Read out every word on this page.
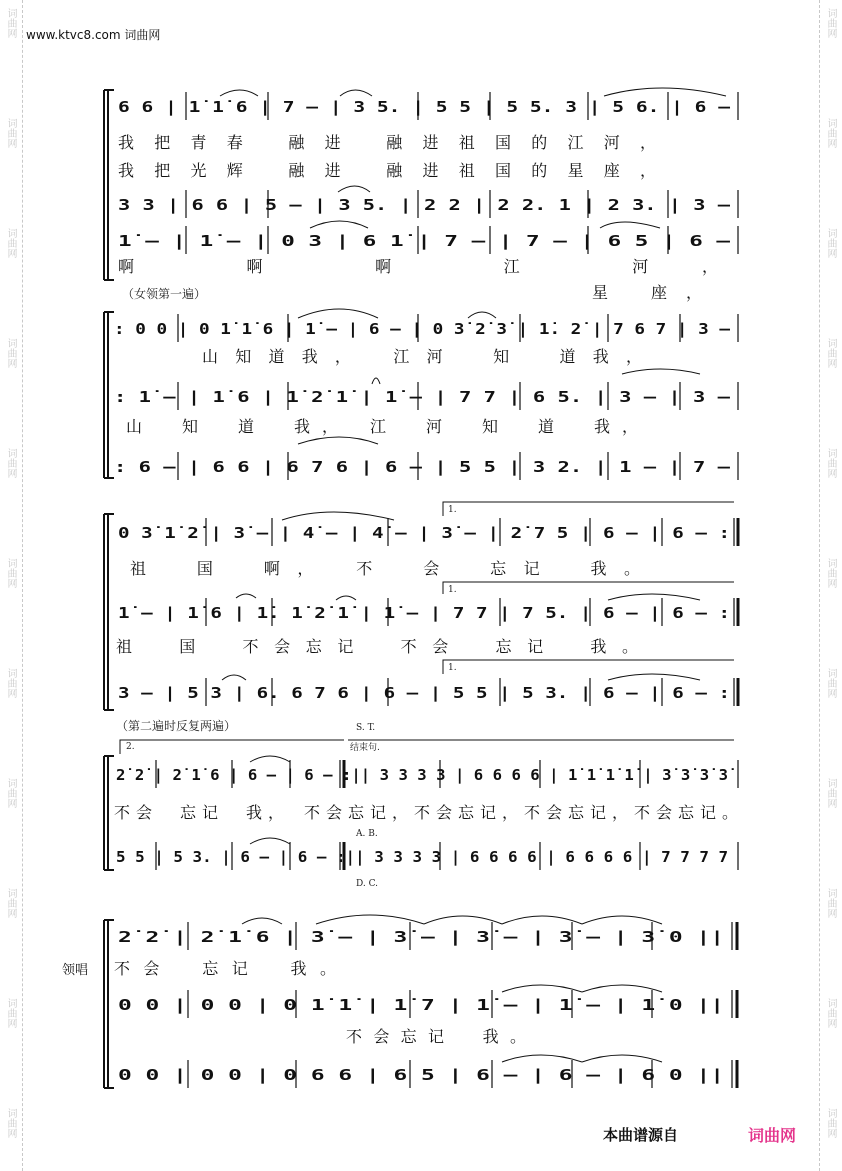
词曲网
词曲网
词曲网
词曲网
词曲网
词曲网
词曲网
词曲网
词曲网
词曲网
词曲网
词曲网
词曲网
词曲网
词曲网
词曲网
词曲网
词曲网
词曲网
词曲网
词曲网
词曲网
www.ktvc8.com 词曲网
6 6 | 1̇ 1̇ 6 | 7 – | 3 5. | 5 5 | 5 5. 3 | 5 6. | 6 –
我把青春 融进 融进祖国的江河，
我把光辉 融进 融进祖国的星座，
3 3 | 6 6 | 5 – | 3 5. | 2 2 | 2 2. 1 | 2 3. | 3 –
1̇ – | 1̇ – | 0 3 | 6 1̇ | 7 – | 7 – | 6 5 | 6 –
啊 啊 啊 江 河，
星 座，
（女领第一遍）
: 0 0 | 0 1̇ 1̇ 6 | 1̇ – | 6 – | 0 3̇ 2̇ 3̇ | 1̇. 2̇ | 7 6 7 | 3 –
山知道我，　江河　知　道我，
: 1̇ – | 1̇ 6 | 1̇ 2̇ 1̇ | 1̇ – | 7 7 | 6 5. | 3 – | 3 –
山　知　道　我，　江　河　知　道　我，
: 6 – | 6 6 | 6 7 6 | 6 – | 5 5 | 3 2. | 1 – | 7 –
1.
1.
1.
0 3̇ 1̇ 2̇ | 3̇ – | 4̇ – | 4̇ – | 3̇ – | 2̇ 7 5 | 6 – | 6 – :
祖　国　啊，　不　会　忘记　我。
1̇ – | 1̇ 6 | 1̇. 1̇ 2̇ 1̇ | 1̇ – | 7 7 | 7 5. | 6 – | 6 – :
祖　国　不会忘记　不会　忘记　我。
3 – | 5 3 | 6. 6 7 6 | 6 – | 5 5 | 5 3. | 6 – | 6 – :
（第二遍时反复两遍）	S. T.
2.	结束句.
2̇ 2̇ | 2̇ 1̇ 6 | 6 – | 6 – :|| 3 3 3 3 | 6 6 6 6 | 1̇ 1̇ 1̇ 1̇ | 3̇ 3̇ 3̇ 3̇
不会　忘记　我，　不会忘记，不会忘记，不会忘记，不会忘记。
A. B.
5 5 | 5 3. | 6 – | 6 – :|| 3 3 3 3 | 6 6 6 6 | 6 6 6 6 | 7 7 7 7
D. C.
领唱
2̇ 2̇ | 2̇ 1̇ 6 | 3̇ – | 3̇ – | 3̇ – | 3̇ – | 3̇ 0 ||
不会　忘记　我。
0 0 | 0 0 | 0 1̇ 1̇ | 1̇ 7 | 1̇ – | 1̇ – | 1̇ 0 ||
不会忘记　我。
0 0 | 0 0 | 0 6 6 | 6 5 | 6 – | 6 – | 6 0 ||
本曲谱源自	词曲网
